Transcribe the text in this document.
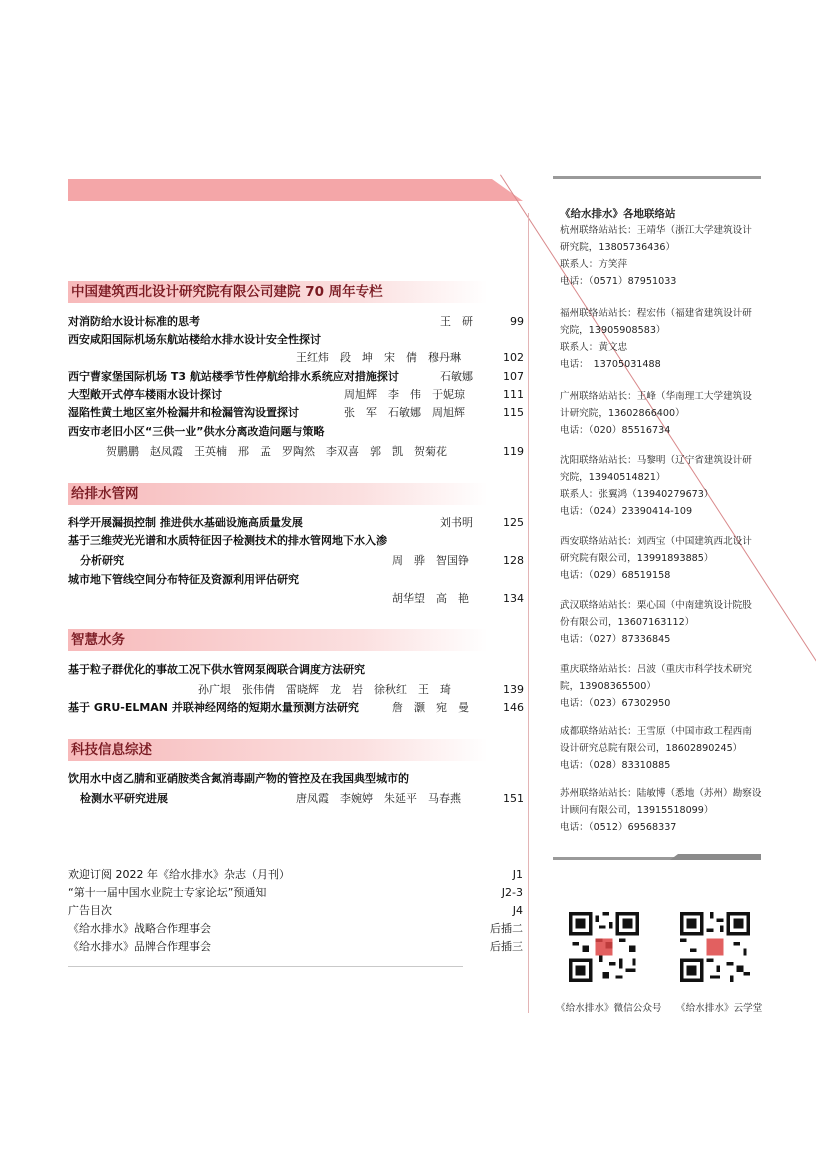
中国建筑西北设计研究院有限公司建院 70 周年专栏
对消防给水设计标准的思考	王　研	99
西安咸阳国际机场东航站楼给水排水设计安全性探讨
王红炜　段　坤　宋　倩　穆丹琳	102
西宁曹家堡国际机场 T3 航站楼季节性停航给排水系统应对措施探讨	石敏娜	107
大型敞开式停车楼雨水设计探讨	周旭辉　李　伟　于妮琼	111
湿陷性黄土地区室外检漏井和检漏管沟设置探讨	张　军　石敏娜　周旭辉	115
西安市老旧小区“三供一业”供水分离改造问题与策略
贺鹏鹏　赵凤霞　王英楠　邢　孟　罗陶然　李双喜　郭　凯　贺菊花	119
给排水管网
科学开展漏损控制 推进供水基础设施高质量发展	刘书明	125
基于三维荧光光谱和水质特征因子检测技术的排水管网地下水入渗
分析研究	周　骅　智国铮	128
城市地下管线空间分布特征及资源利用评估研究
胡华望　高　艳	134
智慧水务
基于粒子群优化的事故工况下供水管网泵阀联合调度方法研究
孙广垠　张伟倩　雷晓辉　龙　岩　徐秋红　王　琦	139
基于 GRU-ELMAN 并联神经网络的短期水量预测方法研究	詹　灏　宛　曼	146
科技信息综述
饮用水中卤乙腈和亚硝胺类含氮消毒副产物的管控及在我国典型城市的
检测水平研究进展	唐凤霞　李婉婷　朱延平　马春燕	151
欢迎订阅 2022 年《给水排水》杂志（月刊）	J1
“第十一届中国水业院士专家论坛”预通知	J2-3
广告目次	J4
《给水排水》战略合作理事会	后插二
《给水排水》品牌合作理事会	后插三
《给水排水》各地联络站
杭州联络站站长：王靖华（浙江大学建筑设计
研究院，13805736436）
联系人：方笑萍
电话：（0571）87951033
福州联络站站长：程宏伟（福建省建筑设计研
究院，13905908583）
联系人：黄文忠
电话：　13705031488
广州联络站站长：王峰（华南理工大学建筑设
计研究院，13602866400）
电话：（020）85516734
沈阳联络站站长：马黎明（辽宁省建筑设计研
究院，13940514821）
联系人：张翼鸿（13940279673）
电话：（024）23390414-109
西安联络站站长：刘西宝（中国建筑西北设计
研究院有限公司，13991893885）
电话：（029）68519158
武汉联络站站长：栗心国（中南建筑设计院股
份有限公司，13607163112）
电话：（027）87336845
重庆联络站站长：吕波（重庆市科学技术研究
院，13908365500）
电话：（023）67302950
成都联络站站长：王雪原（中国市政工程西南
设计研究总院有限公司，18602890245）
电话：（028）83310885
苏州联络站站长：陆敏博（悉地（苏州）勘察设
计顾问有限公司，13915518099）
电话：（0512）69568337
《给水排水》微信公众号 《给水排水》云学堂
